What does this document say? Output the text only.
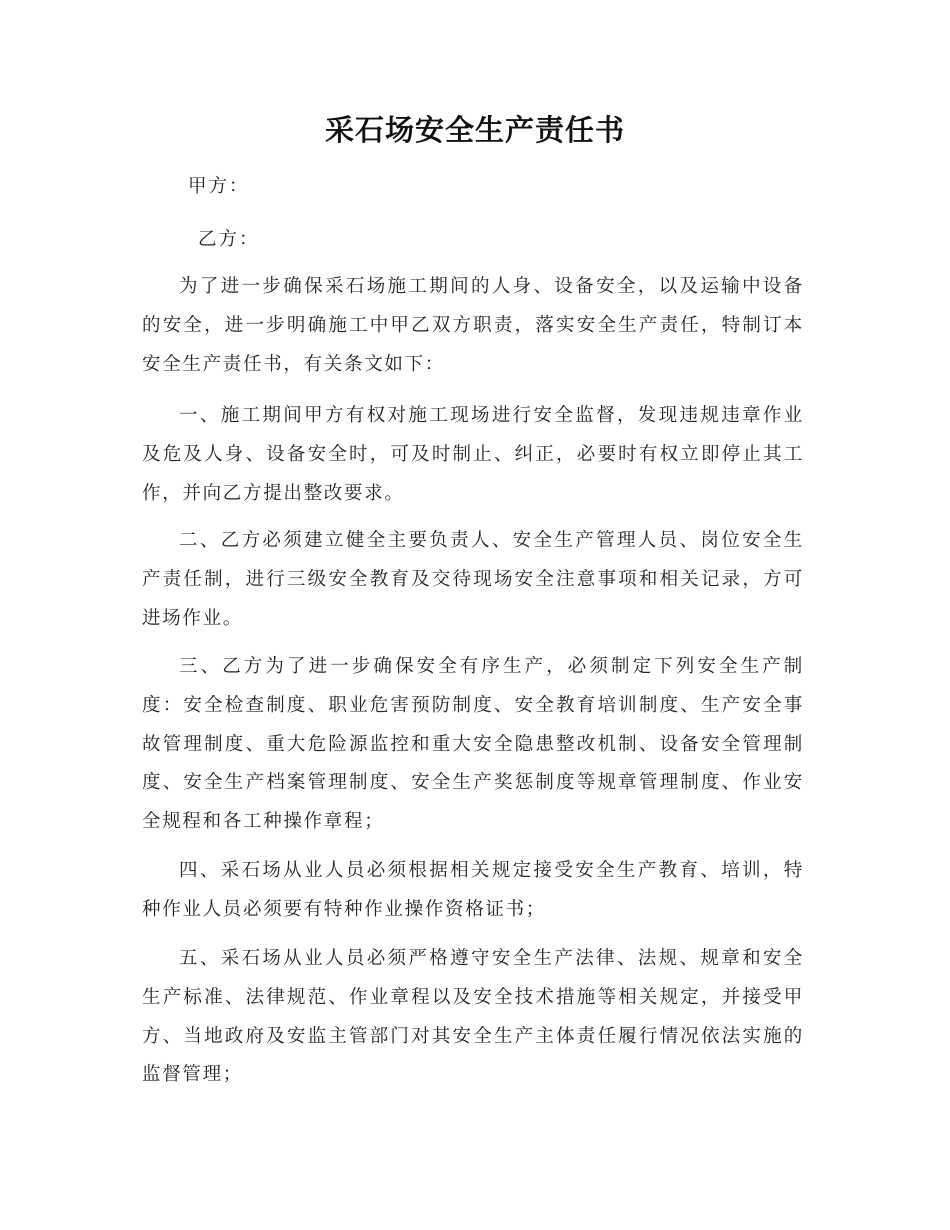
采石场安全生产责任书
甲方：
乙方：

为了进一步确保采石场施工期间的人身、设备安全，以及运输中设备的安全，进一步明确施工中甲乙双方职责，落实安全生产责任，特制订本安全生产责任书，有关条文如下：

一、施工期间甲方有权对施工现场进行安全监督，发现违规违章作业及危及人身、设备安全时，可及时制止、纠正，必要时有权立即停止其工作，并向乙方提出整改要求。

二、乙方必须建立健全主要负责人、安全生产管理人员、岗位安全生产责任制，进行三级安全教育及交待现场安全注意事项和相关记录，方可进场作业。

三、乙方为了进一步确保安全有序生产，必须制定下列安全生产制度：安全检查制度、职业危害预防制度、安全教育培训制度、生产安全事故管理制度、重大危险源监控和重大安全隐患整改机制、设备安全管理制度、安全生产档案管理制度、安全生产奖惩制度等规章管理制度、作业安全规程和各工种操作章程；

四、采石场从业人员必须根据相关规定接受安全生产教育、培训，特种作业人员必须要有特种作业操作资格证书；

五、采石场从业人员必须严格遵守安全生产法律、法规、规章和安全生产标准、法律规范、作业章程以及安全技术措施等相关规定，并接受甲方、当地政府及安监主管部门对其安全生产主体责任履行情况依法实施的监督管理；
